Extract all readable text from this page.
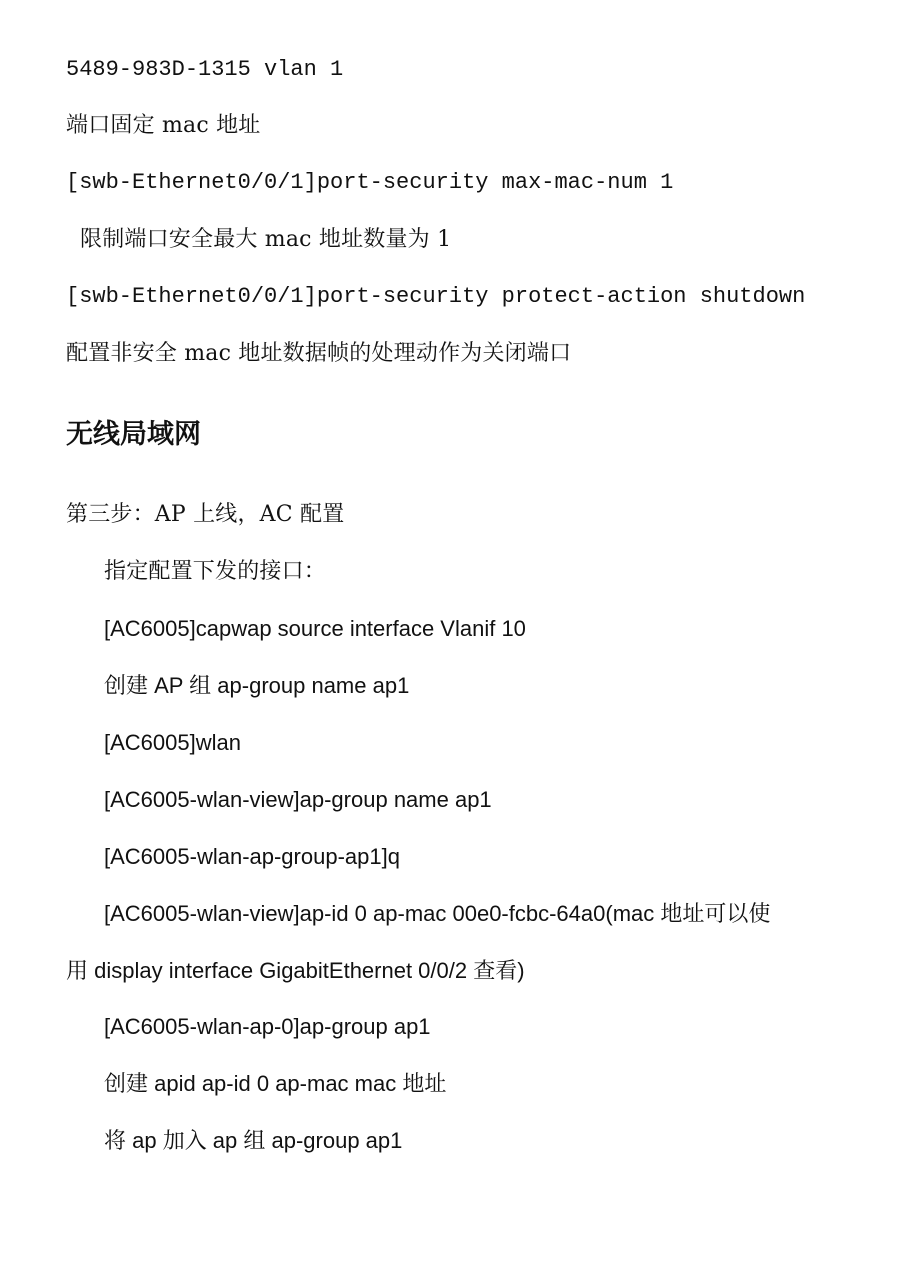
5489-983D-1315 vlan 1
端口固定 mac 地址
[swb-Ethernet0/0/1]port-security max-mac-num 1
限制端口安全最大 mac 地址数量为 1
[swb-Ethernet0/0/1]port-security protect-action shutdown
配置非安全 mac 地址数据帧的处理动作为关闭端口
无线局域网
第三步：AP 上线，AC 配置
指定配置下发的接口：
[AC6005]capwap source interface Vlanif 10
创建 AP 组 ap-group name ap1
[AC6005]wlan
[AC6005-wlan-view]ap-group name ap1
[AC6005-wlan-ap-group-ap1]q
[AC6005-wlan-view]ap-id 0 ap-mac 00e0-fcbc-64a0(mac 地址可以使
用 display interface GigabitEthernet 0/0/2 查看)
[AC6005-wlan-ap-0]ap-group ap1
创建 apid ap-id 0 ap-mac mac 地址
将 ap 加入 ap 组 ap-group ap1
